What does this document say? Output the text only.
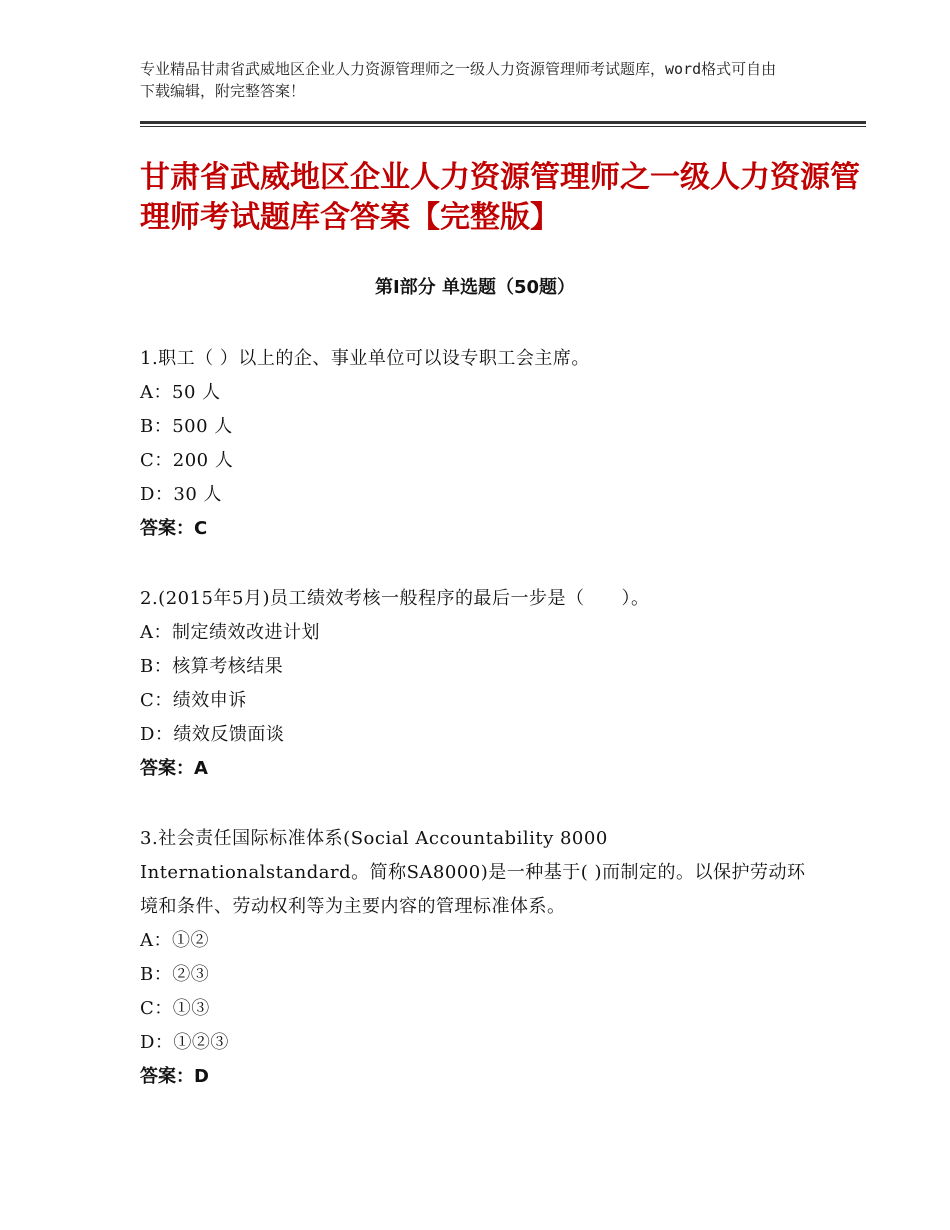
专业精品甘肃省武威地区企业人力资源管理师之一级人力资源管理师考试题库，word格式可自由下载编辑，附完整答案！
甘肃省武威地区企业人力资源管理师之一级人力资源管理师考试题库含答案【完整版】
第Ⅰ部分 单选题（50题）
1.职工（ ）以上的企、事业单位可以设专职工会主席。
A：50 人
B：500 人
C：200 人
D：30 人
答案：C
2.(2015年5月)员工绩效考核一般程序的最后一步是（　　）。
A：制定绩效改进计划
B：核算考核结果
C：绩效申诉
D：绩效反馈面谈
答案：A
3.社会责任国际标准体系(Social Accountability 8000 Internationalstandard。简称SA8000)是一种基于( )而制定的。以保护劳动环境和条件、劳动权利等为主要内容的管理标准体系。
A：①②
B：②③
C：①③
D：①②③
答案：D
